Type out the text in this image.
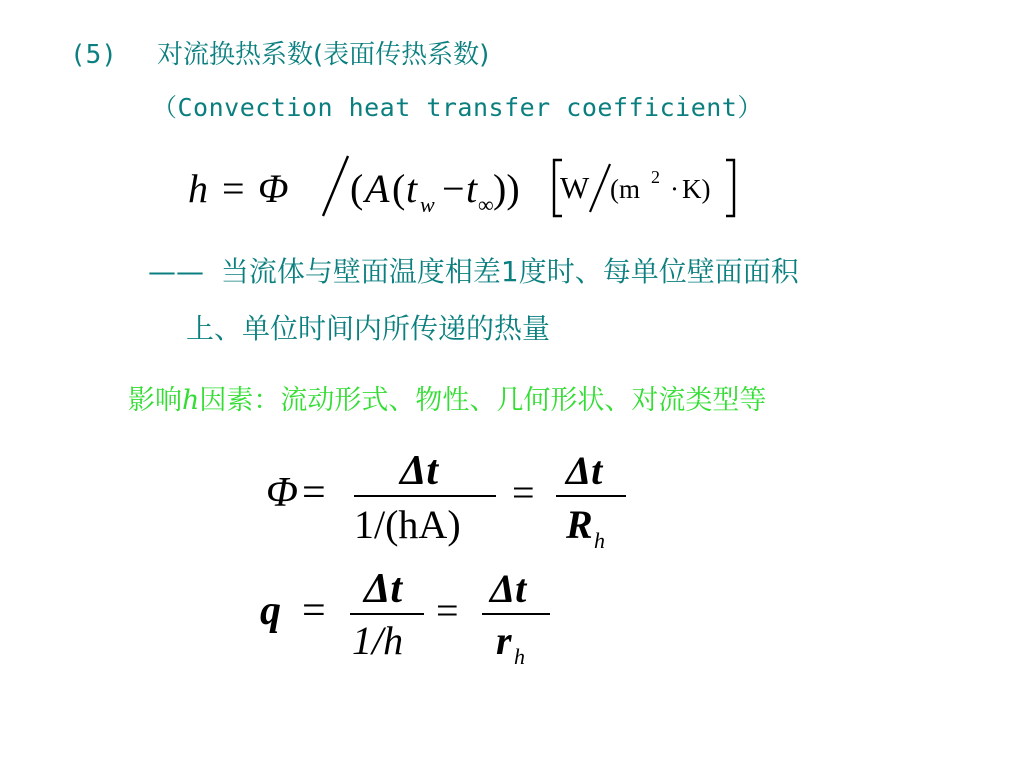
(5) 对流换热系数(表面传热系数)
（Convection heat transfer coefficient）
h = Φ ( A ( t w − t ∞ )) W (m 2 · K)
—— 当流体与壁面温度相差1度时、每单位壁面面积
上、单位时间内所传递的热量
影响h因素：流动形式、物性、几何形状、对流类型等
Φ = Δt
1/(hA)
= Δt
R h
q = Δt
1/h
= Δt
r h
